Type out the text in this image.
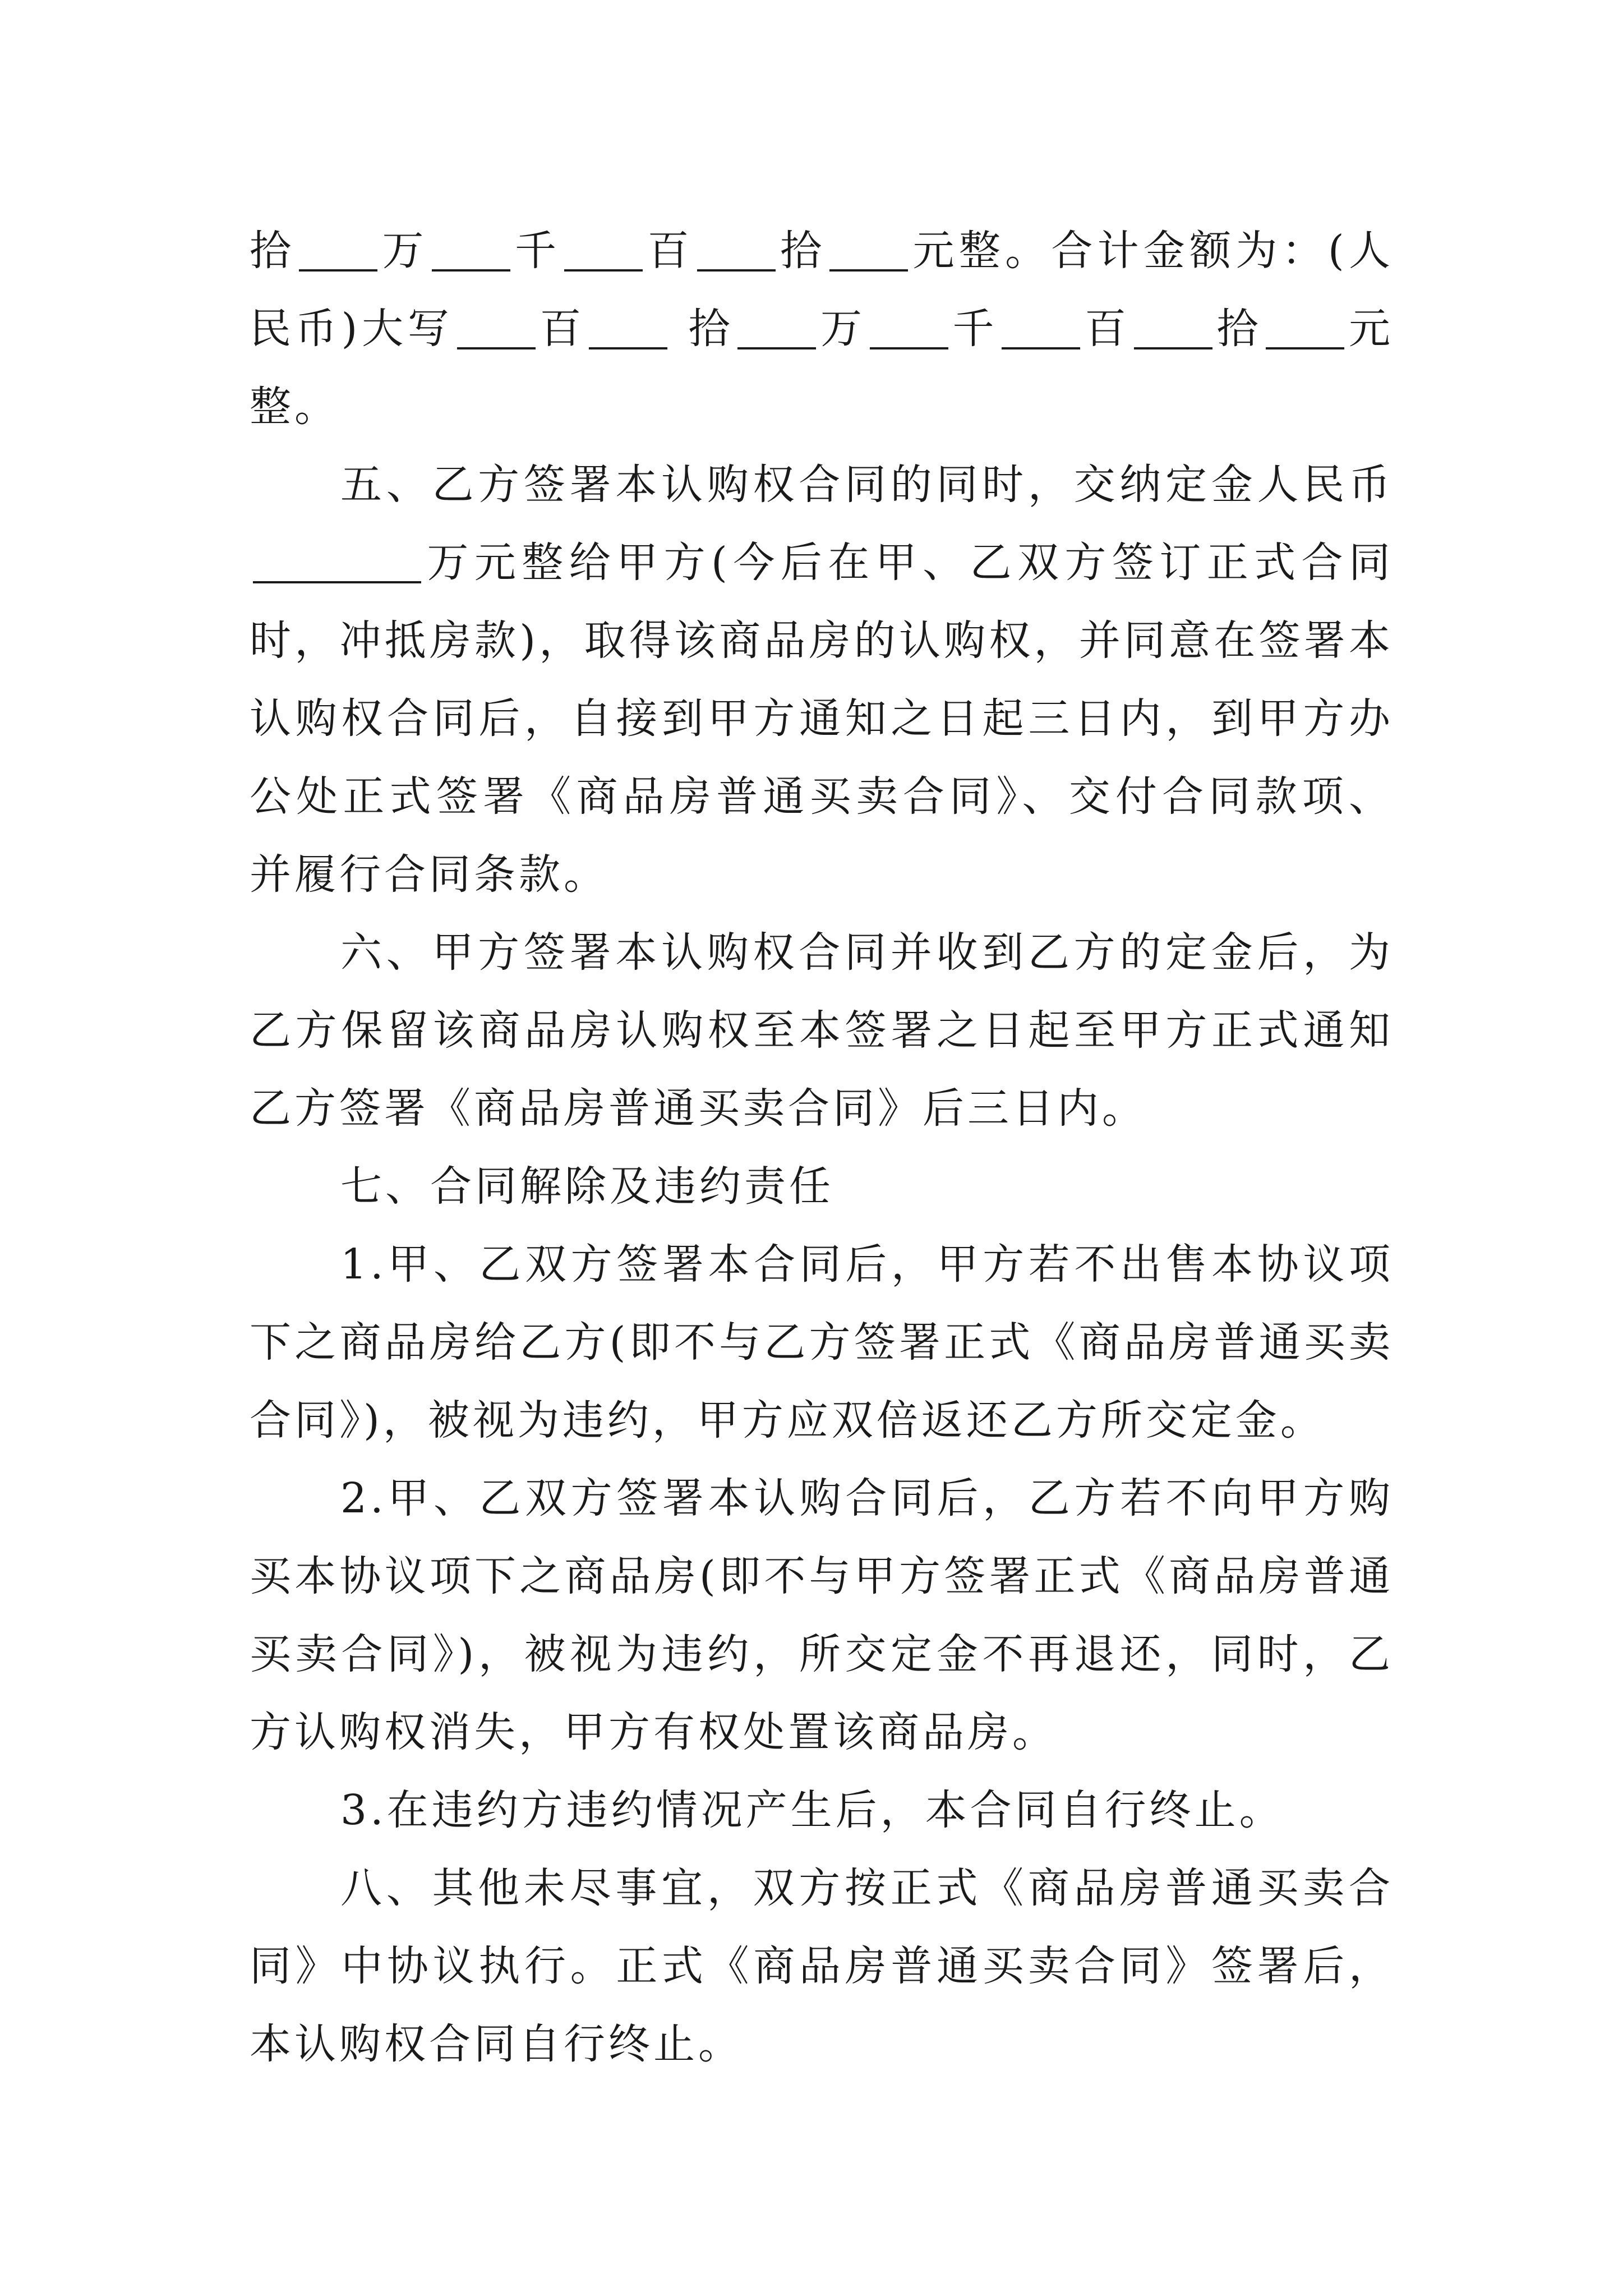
拾 万 千 百 拾 元整。合计金额为：(人民币)大写 百 拾 万 千 百 拾 元整。

五、乙方签署本认购权合同的同时，交纳定金人民币万元整给甲方(今后在甲、乙双方签订正式合同时，冲抵房款)，取得该商品房的认购权，并同意在签署本认购权合同后，自接到甲方通知之日起三日内，到甲方办公处正式签署《商品房普通买卖合同》、交付合同款项、并履行合同条款。

六、甲方签署本认购权合同并收到乙方的定金后，为乙方保留该商品房认购权至本签署之日起至甲方正式通知乙方签署《商品房普通买卖合同》后三日内。

七、合同解除及违约责任

1.甲、乙双方签署本合同后，甲方若不出售本协议项下之商品房给乙方(即不与乙方签署正式《商品房普通买卖合同》)，被视为违约，甲方应双倍返还乙方所交定金。

2.甲、乙双方签署本认购合同后，乙方若不向甲方购买本协议项下之商品房(即不与甲方签署正式《商品房普通买卖合同》)，被视为违约，所交定金不再退还，同时，乙方认购权消失，甲方有权处置该商品房。

3.在违约方违约情况产生后，本合同自行终止。

八、其他未尽事宜，双方按正式《商品房普通买卖合同》中协议执行。正式《商品房普通买卖合同》签署后，本认购权合同自行终止。
